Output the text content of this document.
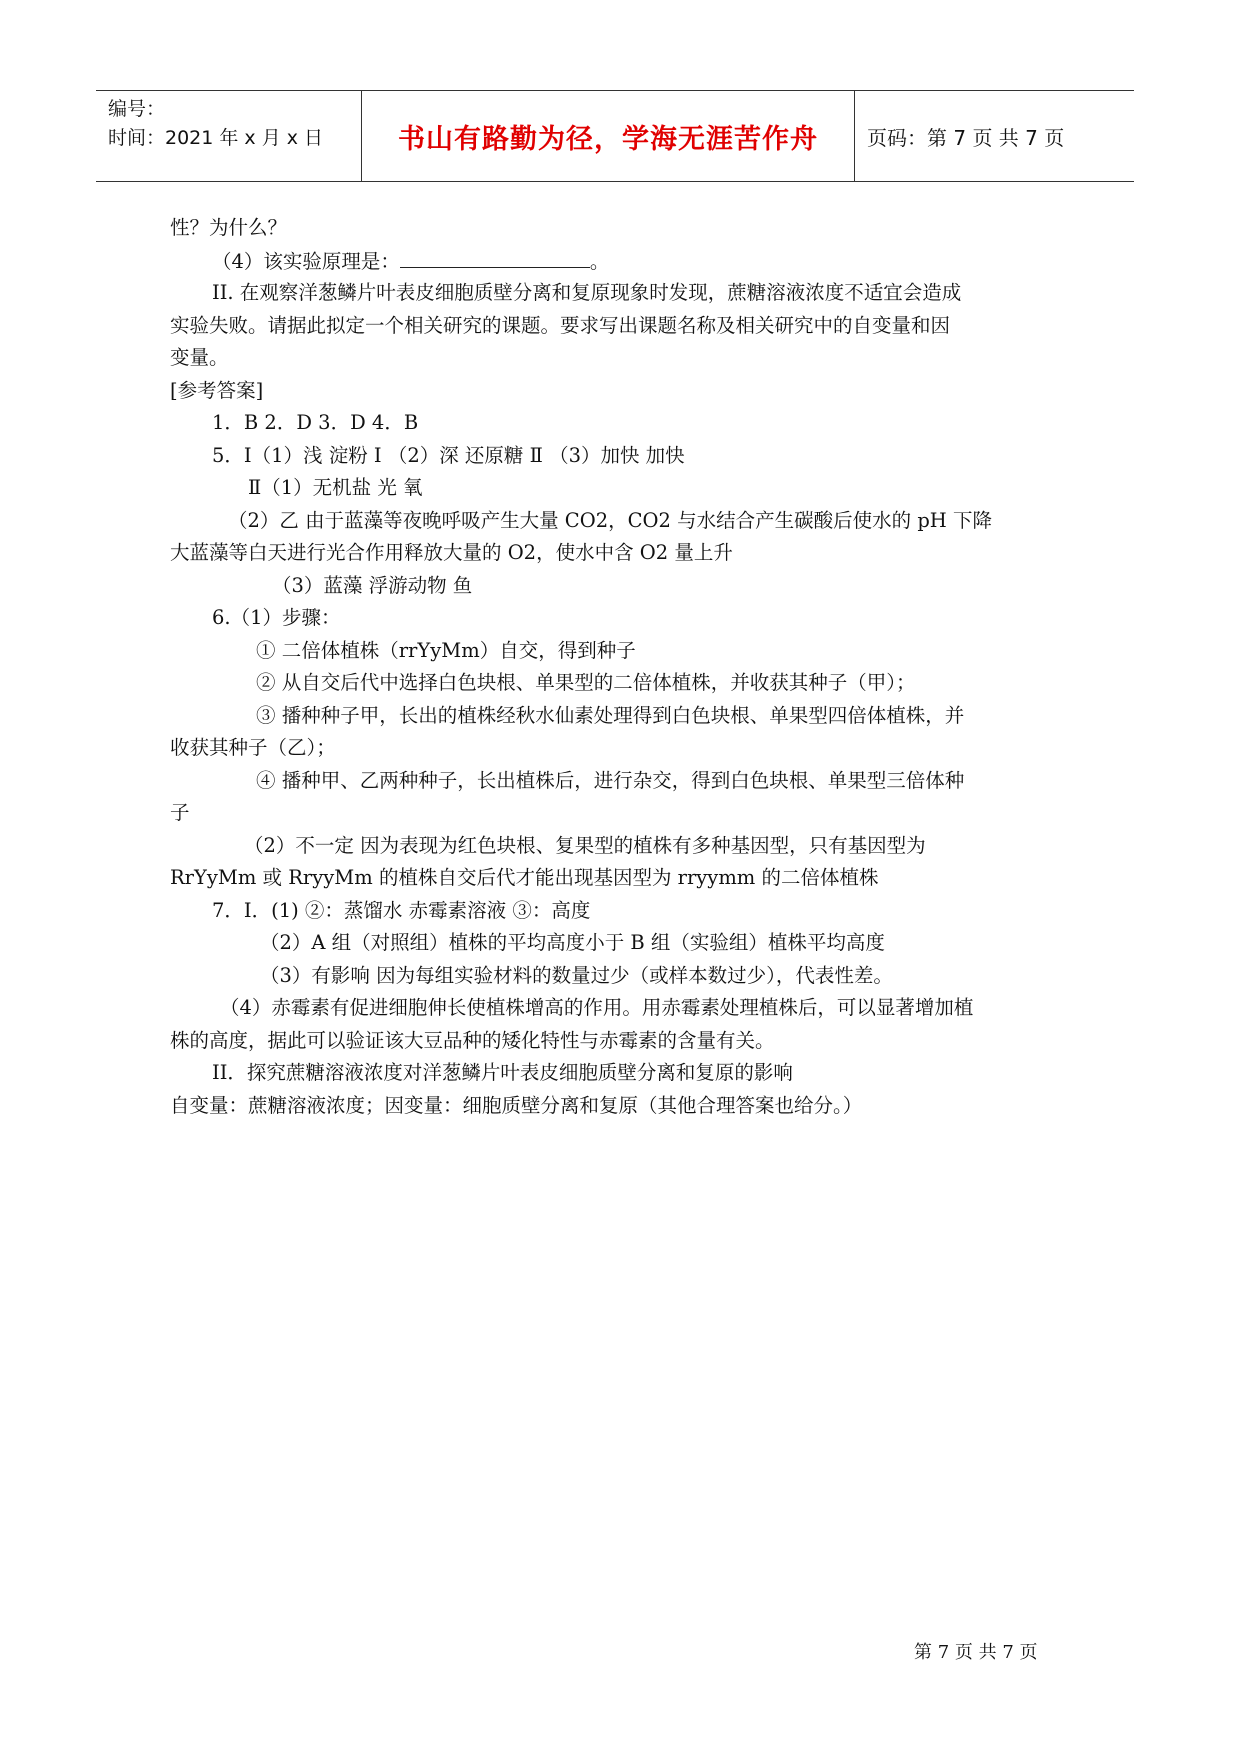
编号：
时间：2021 年 x 月 x 日	书山有路勤为径，学海无涯苦作舟	页码：第 7 页 共 7 页
性？为什么？
（4）该实验原理是：	。
II. 在观察洋葱鳞片叶表皮细胞质壁分离和复原现象时发现，蔗糖溶液浓度不适宜会造成
实验失败。请据此拟定一个相关研究的课题。要求写出课题名称及相关研究中的自变量和因
变量。
[参考答案]
1．B 2．D 3．D 4．B
5．Ⅰ（1）浅 淀粉 Ⅰ （2）深 还原糖 Ⅱ （3）加快 加快
Ⅱ（1）无机盐 光 氧
（2）乙 由于蓝藻等夜晚呼吸产生大量 CO2，CO2 与水结合产生碳酸后使水的 pH 下降
大蓝藻等白天进行光合作用释放大量的 O2，使水中含 O2 量上升
（3）蓝藻 浮游动物 鱼
6.（1）步骤：
① 二倍体植株（rrYyMm）自交，得到种子
② 从自交后代中选择白色块根、单果型的二倍体植株，并收获其种子（甲）；
③ 播种种子甲，长出的植株经秋水仙素处理得到白色块根、单果型四倍体植株，并
收获其种子（乙）；
④ 播种甲、乙两种种子，长出植株后，进行杂交，得到白色块根、单果型三倍体种
子
（2）不一定 因为表现为红色块根、复果型的植株有多种基因型，只有基因型为
RrYyMm 或 RryyMm 的植株自交后代才能出现基因型为 rryymm 的二倍体植株
7．I．(1) ②：蒸馏水 赤霉素溶液 ③：高度
（2）A 组（对照组）植株的平均高度小于 B 组（实验组）植株平均高度
（3）有影响 因为每组实验材料的数量过少（或样本数过少），代表性差。
（4）赤霉素有促进细胞伸长使植株增高的作用。用赤霉素处理植株后，可以显著增加植
株的高度，据此可以验证该大豆品种的矮化特性与赤霉素的含量有关。
II．探究蔗糖溶液浓度对洋葱鳞片叶表皮细胞质壁分离和复原的影响
自变量：蔗糖溶液浓度；因变量：细胞质壁分离和复原（其他合理答案也给分。）
第 7 页 共 7 页
